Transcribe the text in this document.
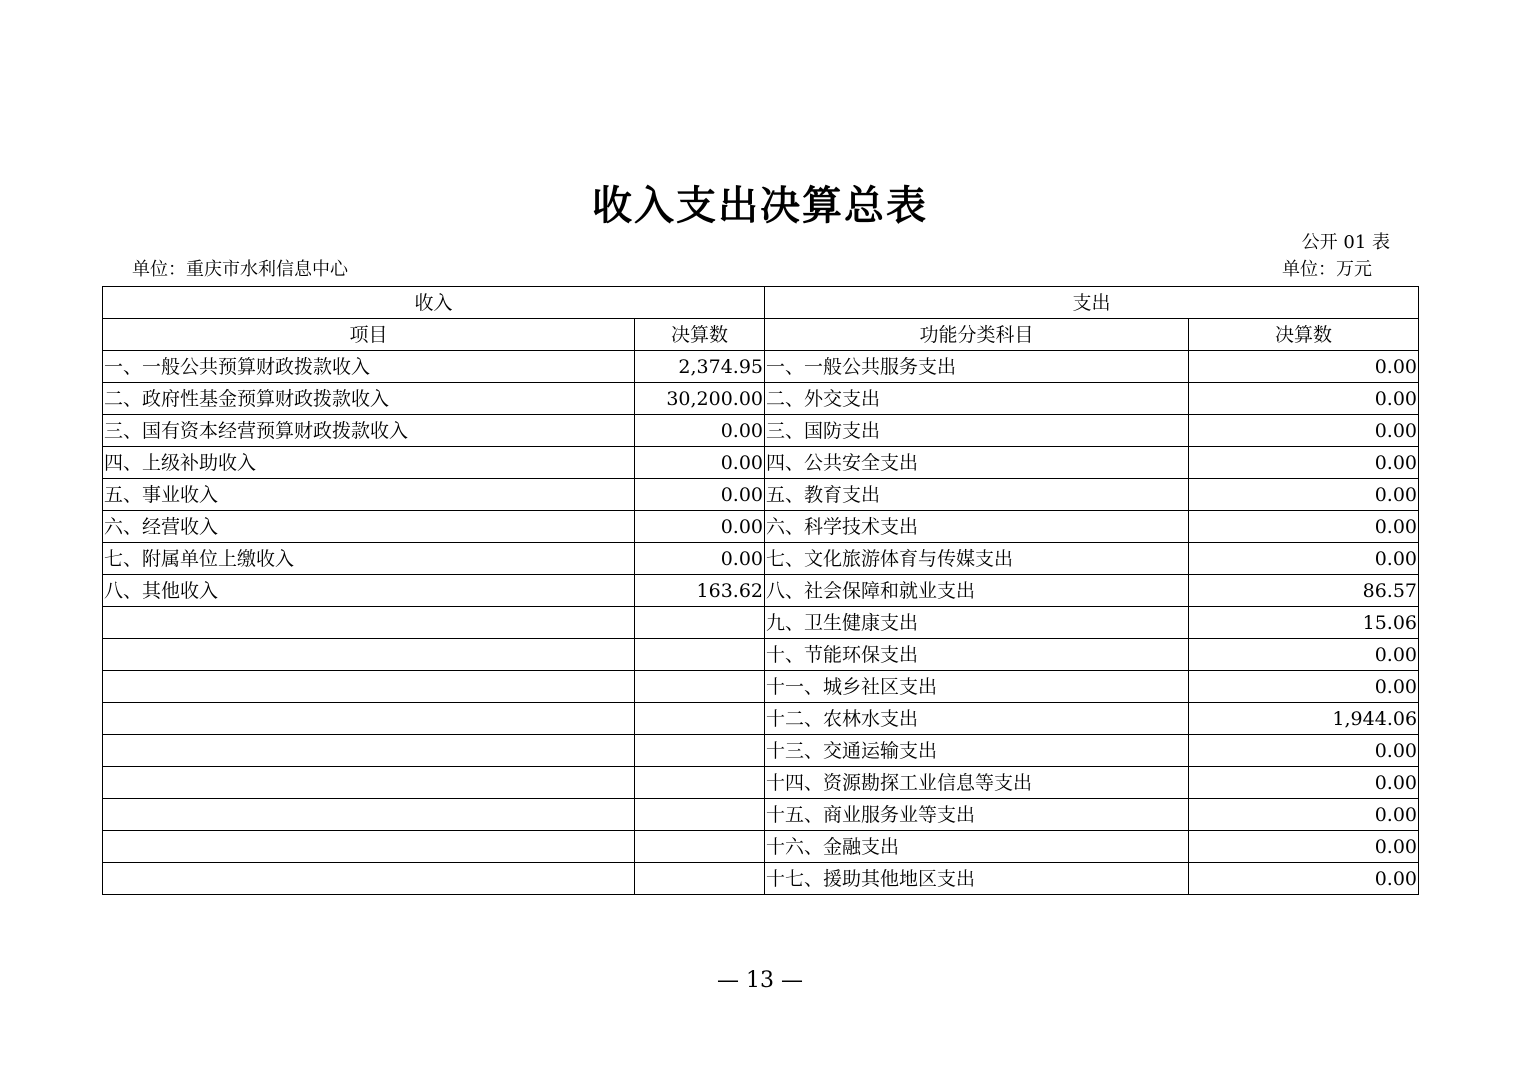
收入支出决算总表
公开 01 表
单位：重庆市水利信息中心	单位：万元
收入		支出	
项目	决算数	功能分类科目	决算数
一、一般公共预算财政拨款收入	2,374.95	一、一般公共服务支出	0.00
二、政府性基金预算财政拨款收入	30,200.00	二、外交支出	0.00
三、国有资本经营预算财政拨款收入	0.00	三、国防支出	0.00
四、上级补助收入	0.00	四、公共安全支出	0.00
五、事业收入	0.00	五、教育支出	0.00
六、经营收入	0.00	六、科学技术支出	0.00
七、附属单位上缴收入	0.00	七、文化旅游体育与传媒支出	0.00
八、其他收入	163.62	八、社会保障和就业支出	86.57
		九、卫生健康支出	15.06
		十、节能环保支出	0.00
		十一、城乡社区支出	0.00
		十二、农林水支出	1,944.06
		十三、交通运输支出	0.00
		十四、资源勘探工业信息等支出	0.00
		十五、商业服务业等支出	0.00
		十六、金融支出	0.00
		十七、援助其他地区支出	0.00
— 13 —
